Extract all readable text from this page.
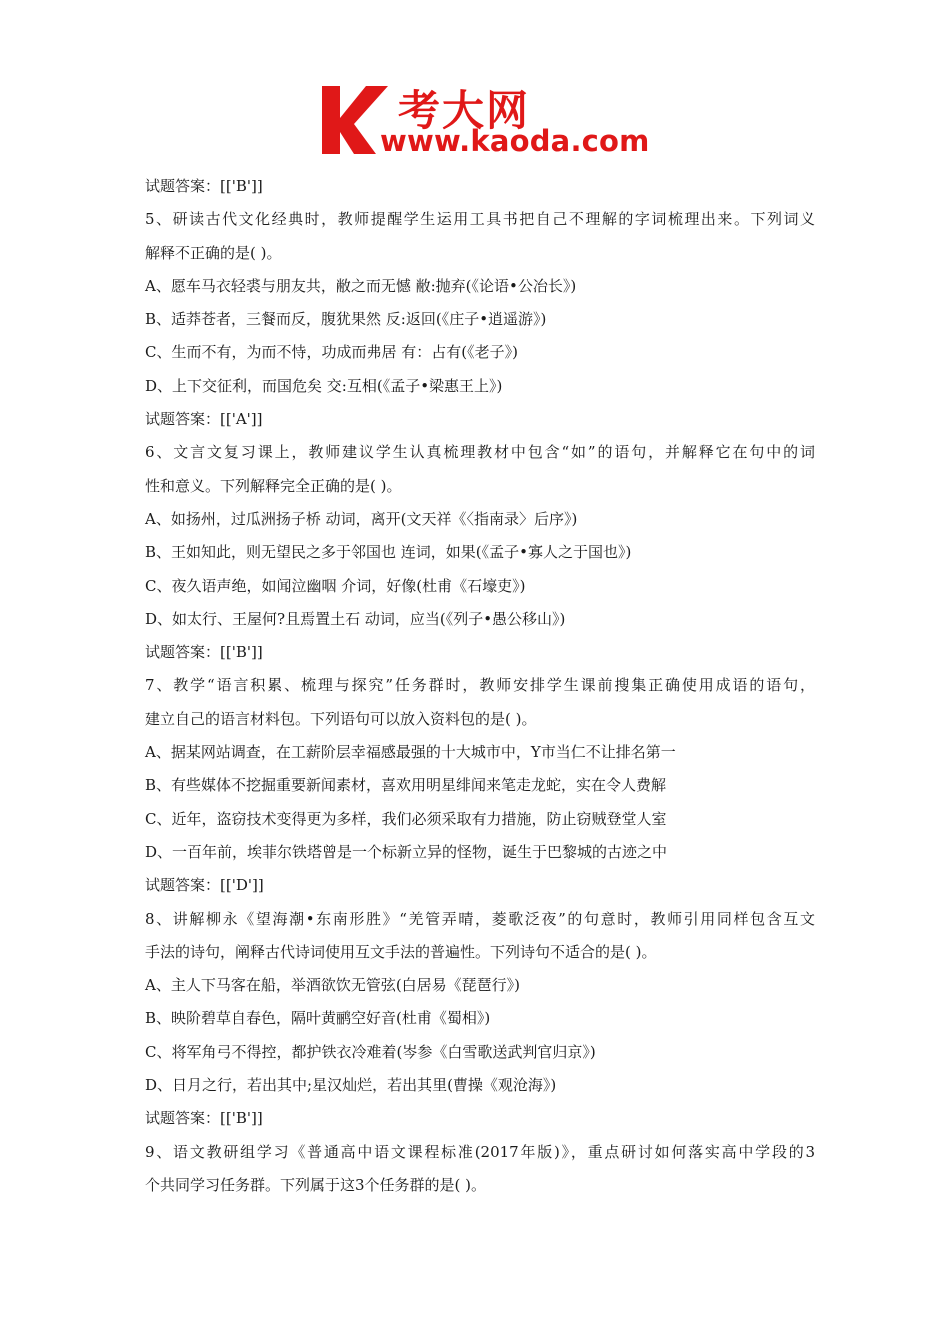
考大网
www.kaoda.com
试题答案：[['B']]
5、研读古代文化经典时，教师提醒学生运用工具书把自己不理解的字词梳理出来。下列词义
解释不正确的是( )。
A、愿车马衣轻裘与朋友共，敝之而无憾 敝:抛弃(《论语•公冶长》)
B、适莽苍者，三餐而反，腹犹果然 反:返回(《庄子•逍遥游》)
C、生而不有，为而不恃，功成而弗居 有：占有(《老子》)
D、上下交征利，而国危矣 交:互相(《孟子•梁惠王上》)
试题答案：[['A']]
6、文言文复习课上，教师建议学生认真梳理教材中包含“如”的语句，并解释它在句中的词
性和意义。下列解释完全正确的是( )。
A、如扬州，过瓜洲扬子桥 动词，离开(文天祥《〈指南录〉后序》)
B、王如知此，则无望民之多于邻国也 连词，如果(《孟子•寡人之于国也》)
C、夜久语声绝，如闻泣幽咽 介词，好像(杜甫《石壕吏》)
D、如太行、王屋何?且焉置土石 动词，应当(《列子•愚公移山》)
试题答案：[['B']]
7、教学“语言积累、梳理与探究”任务群时，教师安排学生课前搜集正确使用成语的语句，
建立自己的语言材料包。下列语句可以放入资料包的是( )。
A、据某网站调查，在工薪阶层幸福感最强的十大城市中，Y市当仁不让排名第一
B、有些媒体不挖掘重要新闻素材，喜欢用明星绯闻来笔走龙蛇，实在令人费解
C、近年，盗窃技术变得更为多样，我们必须采取有力措施，防止窃贼登堂人室
D、一百年前，埃菲尔铁塔曾是一个标新立异的怪物，诞生于巴黎城的古迹之中
试题答案：[['D']]
8、讲解柳永《望海潮•东南形胜》“羌管弄晴，菱歌泛夜”的句意时，教师引用同样包含互文
手法的诗句，阐释古代诗词使用互文手法的普遍性。下列诗句不适合的是( )。
A、主人下马客在船，举酒欲饮无管弦(白居易《琵琶行》)
B、映阶碧草自春色，隔叶黄鹂空好音(杜甫《蜀相》)
C、将军角弓不得控，都护铁衣冷难着(岑参《白雪歌送武判官归京》)
D、日月之行，若出其中;星汉灿烂，若出其里(曹操《观沧海》)
试题答案：[['B']]
9、语文教研组学习《普通高中语文课程标准(2017年版)》，重点研讨如何落实高中学段的3
个共同学习任务群。下列属于这3个任务群的是( )。
